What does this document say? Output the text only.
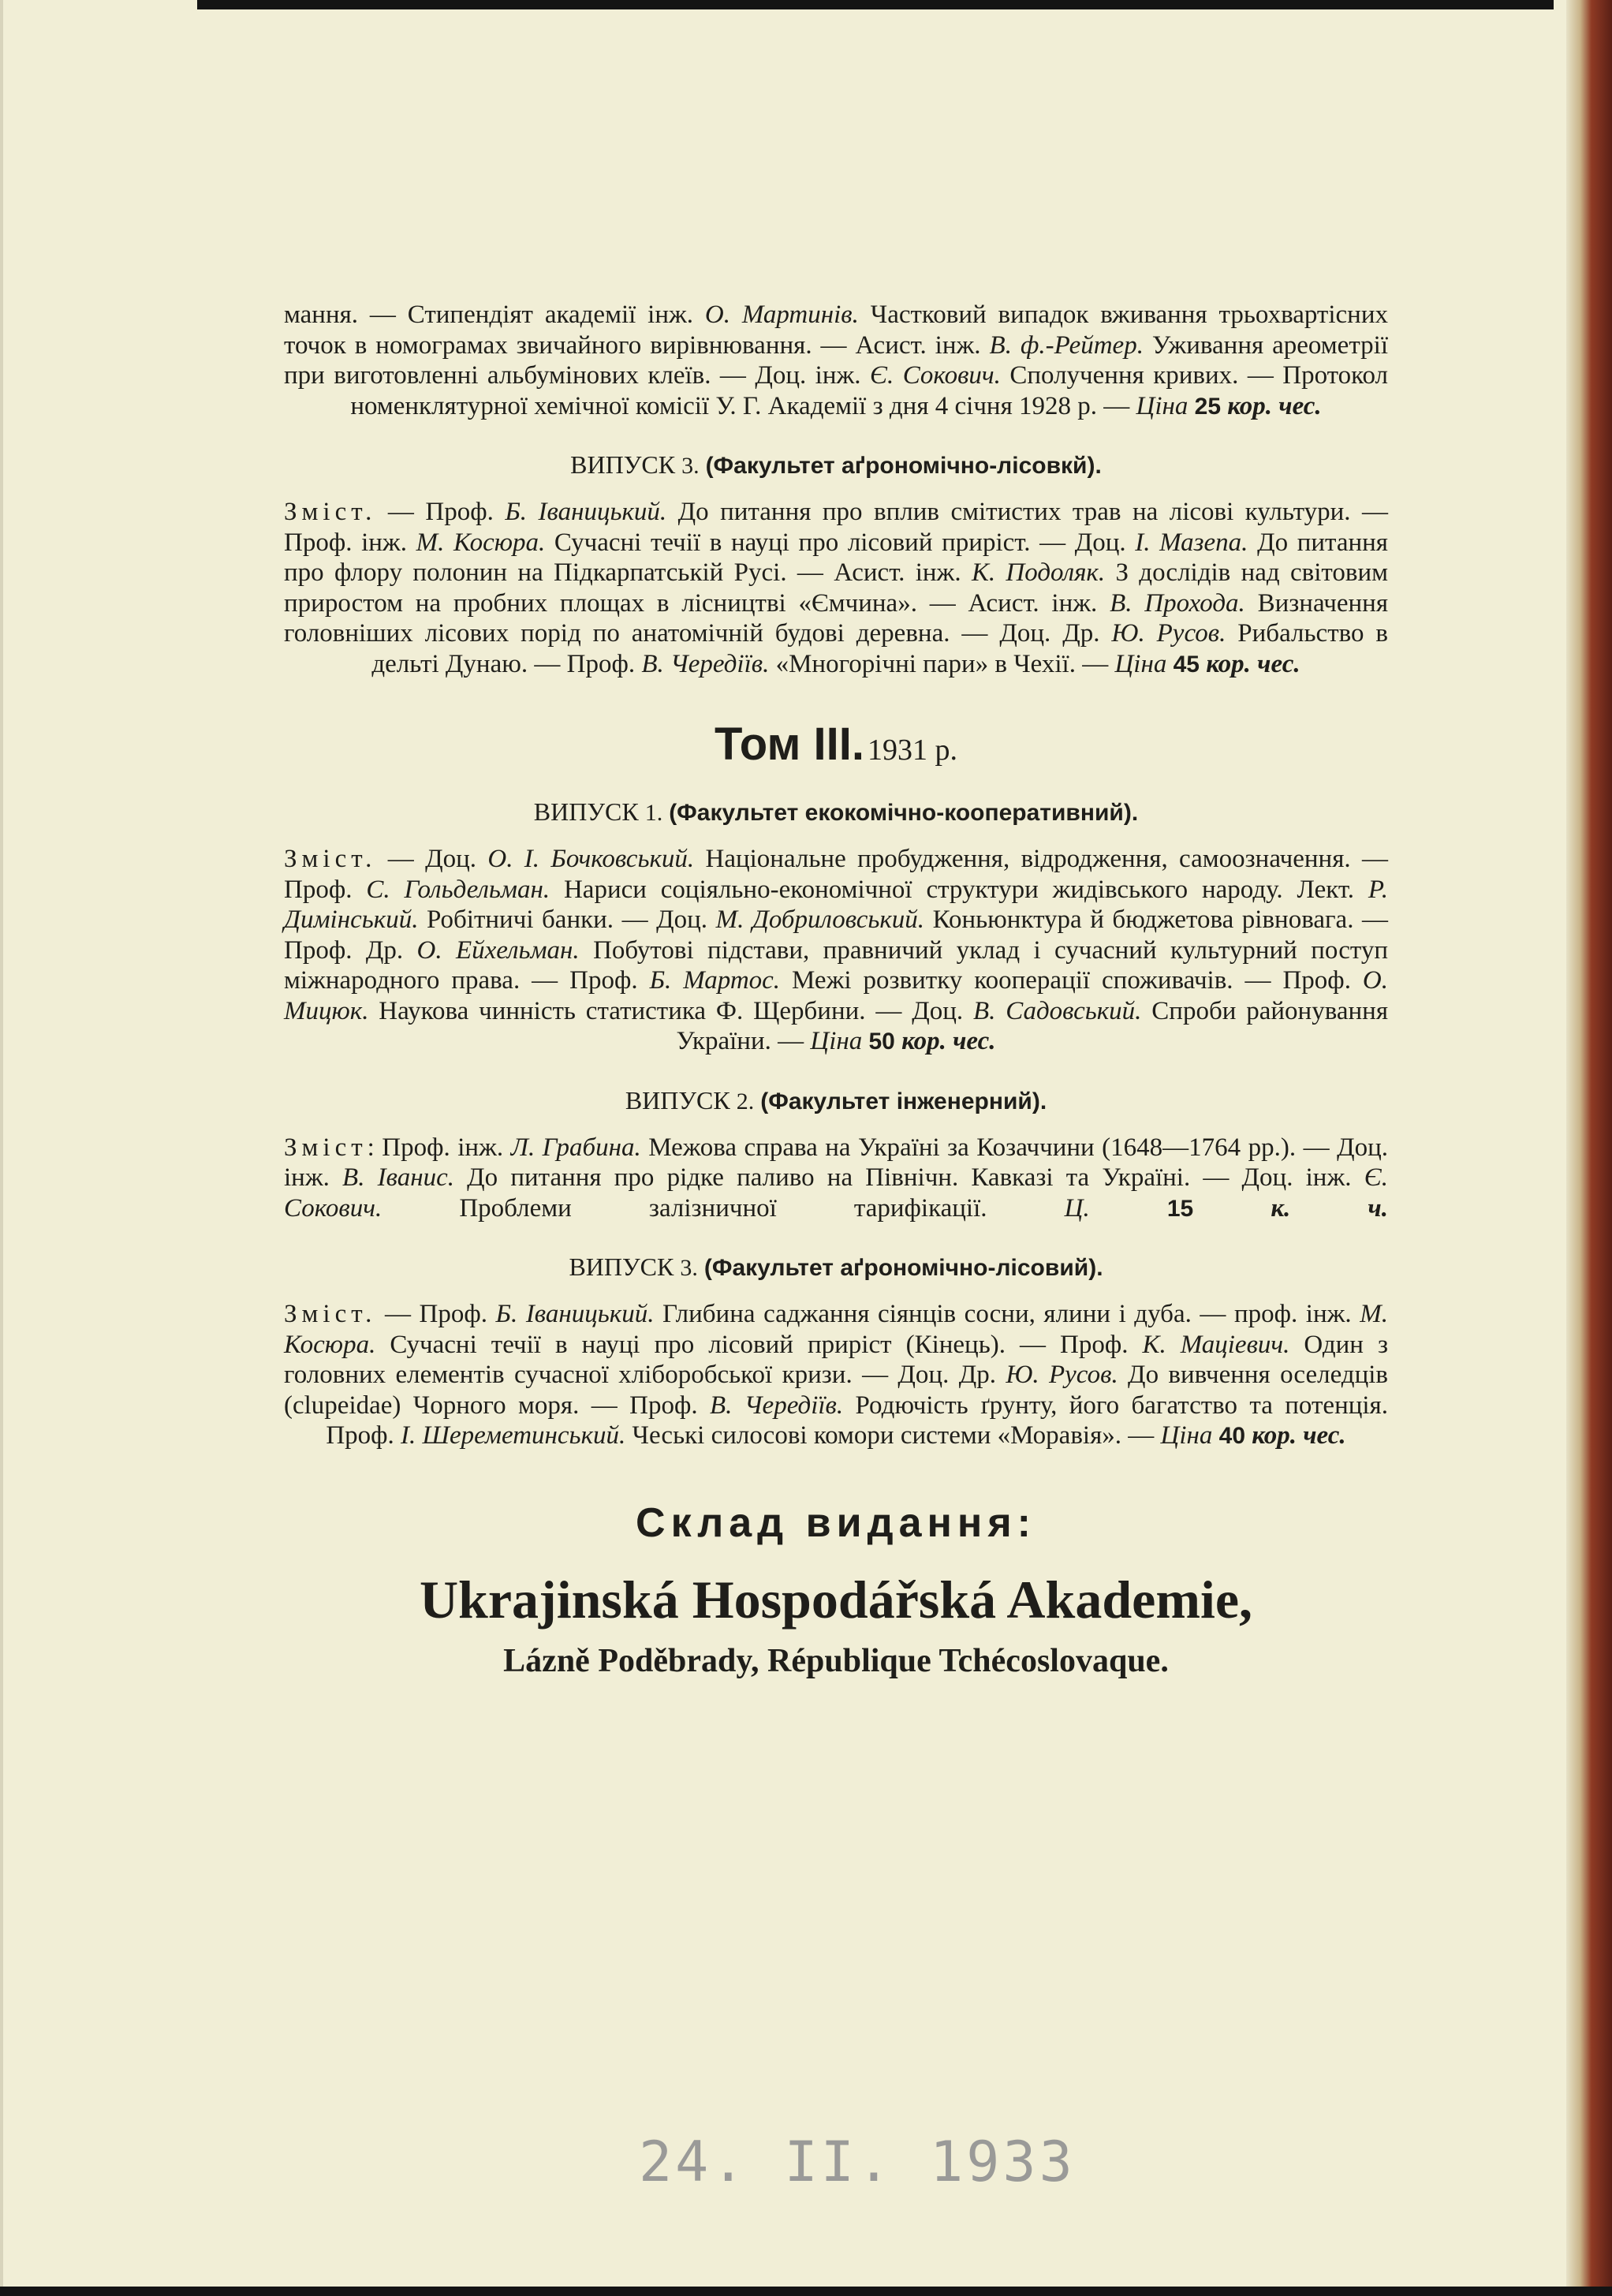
мання. — Стипендіят академії інж. О. Мартинів. Частковий випадок вживання трьохвартісних точок в номограмах звичайного вирівнювання. — Асист. інж. В. ф.-Рейтер. Уживання ареометрії при виготовленні альбумінових клеїв. — Доц. інж. Є. Сокович. Сполучення кривих. — Протокол номенклятурної хемічної комісії У. Г. Академії з дня 4 січня 1928 р. — Ціна 25 кор. чес.

ВИПУСК 3. (Факультет аґрономічно-лісовкй).

Зміст. — Проф. Б. Іваницький. До питання про вплив смітистих трав на лісові культури. — Проф. інж. М. Косюра. Сучасні течії в науці про лісовий приріст. — Доц. І. Мазепа. До питання про флору полонин на Підкарпатській Русі. — Асист. інж. К. Подоляк. З дослідів над світовим приростом на пробних площах в лісництві «Ємчина». — Асист. інж. В. Прохода. Визначення головніших лісових порід по анатомічній будові деревна. — Доц. Др. Ю. Русов. Рибальство в дельті Дунаю. — Проф. В. Чередіїв. «Многорічні пари» в Чехії. — Ціна 45 кор. чес.

Том III. 1931 р.
ВИПУСК 1. (Факультет екокомічно-кооперативний).

Зміст. — Доц. О. І. Бочковський. Національне пробудження, відродження, самоозначення. — Проф. С. Гольдельман. Нариси соціяльно-економічної структури жидівського народу. Лект. Р. Димінський. Робітничі банки. — Доц. М. Добриловський. Коньюнктура й бюджетова рівновага. — Проф. Др. О. Ейхельман. Побутові підстави, правничий уклад і сучасний культурний поступ міжнародного права. — Проф. Б. Мартос. Межі розвитку кооперації споживачів. — Проф. О. Мицюк. Наукова чинність статистика Ф. Щербини. — Доц. В. Садовський. Спроби районування України. — Ціна 50 кор. чес.

ВИПУСК 2. (Факультет інженерний).

Зміст: Проф. інж. Л. Грабина. Межова справа на Україні за Козаччини (1648—1764 рр.). — Доц. інж. В. Іванис. До питання про рідке паливо на Північн. Кавказі та Україні. — Доц. інж. Є. Сокович. Проблеми залізничної тарифікації. Ц.	15	к. ч.

ВИПУСК 3. (Факультет аґрономічно-лісовий).

Зміст. — Проф. Б. Іваницький. Глибина саджання сіянців сосни, ялини і дуба. — проф. інж. М. Косюра. Сучасні течії в науці про лісовий приріст (Кінець). — Проф. К. Маціевич. Один з головних елементів сучасної хліборобської кризи. — Доц. Др. Ю. Русов. До вивчення оселедців (clupeidae) Чорного моря. — Проф. В. Чередіїв. Родючість ґрунту, його багатство та потенція. Проф. І. Шереметинський. Чеські силосові комори системи «Моравія». — Ціна 40 кор. чес.

Склад видання:
Ukrajinská Hospodářská Akademie,
Lázně Poděbrady, République Tchécoslovaque.
24. II. 1933
